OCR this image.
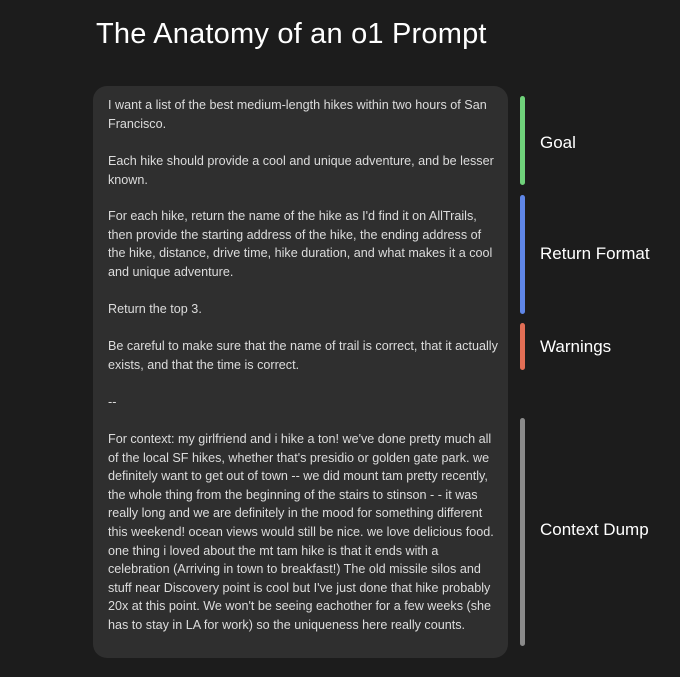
The Anatomy of an o1 Prompt
I want a list of the best medium-length hikes within two hours of San Francisco.
Each hike should provide a cool and unique adventure, and be lesser known.
For each hike, return the name of the hike as I'd find it on AllTrails, then provide the starting address of the hike, the ending address of the hike, distance, drive time, hike duration, and what makes it a cool and unique adventure.
Return the top 3.
Be careful to make sure that the name of trail is correct, that it actually exists, and that the time is correct.
--
For context: my girlfriend and i hike a ton! we've done pretty much all of the local SF hikes, whether that's presidio or golden gate park. we definitely want to get out of town -- we did mount tam pretty recently, the whole thing from the beginning of the stairs to stinson - - it was really long and we are definitely in the mood for something different this weekend! ocean views would still be nice. we love delicious food. one thing i loved about the mt tam hike is that it ends with a celebration (Arriving in town to breakfast!) The old missile silos and stuff near Discovery point is cool but I've just done that hike probably 20x at this point. We won't be seeing eachother for a few weeks (she has to stay in LA for work) so the uniqueness here really counts.
Goal
Return Format
Warnings
Context Dump
